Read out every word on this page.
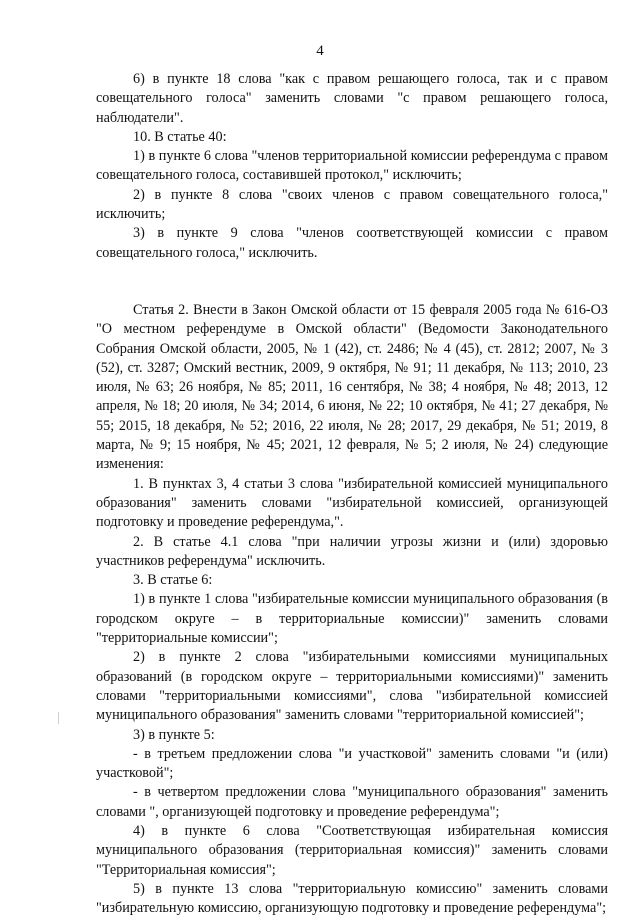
4

6) в пункте 18 слова "как с правом решающего голоса, так и с правом совещательного голоса" заменить словами "с правом решающего голоса, наблюдатели".

10. В статье 40:

1) в пункте 6 слова "членов территориальной комиссии референдума с правом совещательного голоса, составившей протокол," исключить;

2) в пункте 8 слова "своих членов с правом совещательного голоса," исключить;

3) в пункте 9 слова "членов соответствующей комиссии с правом совещательного голоса," исключить.

Статья 2. Внести в Закон Омской области от 15 февраля 2005 года № 616-ОЗ "О местном референдуме в Омской области" (Ведомости Законодательного Собрания Омской области, 2005, № 1 (42), ст. 2486; № 4 (45), ст. 2812; 2007, № 3 (52), ст. 3287; Омский вестник, 2009, 9 октября, № 91; 11 декабря, № 113; 2010, 23 июля, № 63; 26 ноября, № 85; 2011, 16 сентября, № 38; 4 ноября, № 48; 2013, 12 апреля, № 18; 20 июля, № 34; 2014, 6 июня, № 22; 10 октября, № 41; 27 декабря, № 55; 2015, 18 декабря, № 52; 2016, 22 июля, № 28; 2017, 29 декабря, № 51; 2019, 8 марта, № 9; 15 ноября, № 45; 2021, 12 февраля, № 5; 2 июля, № 24) следующие изменения:

1. В пунктах 3, 4 статьи 3 слова "избирательной комиссией муниципального образования" заменить словами "избирательной комиссией, организующей подготовку и проведение референдума,".

2. В статье 4.1 слова "при наличии угрозы жизни и (или) здоровью участников референдума" исключить.

3. В статье 6:

1) в пункте 1 слова "избирательные комиссии муниципального образования (в городском округе – в территориальные комиссии)" заменить словами "территориальные комиссии";

2) в пункте 2 слова "избирательными комиссиями муниципальных образований (в городском округе – территориальными комиссиями)" заменить словами "территориальными комиссиями", слова "избирательной комиссией муниципального образования" заменить словами "территориальной комиссией";

3) в пункте 5:

- в третьем предложении слова "и участковой" заменить словами "и (или) участковой";

- в четвертом предложении слова "муниципального образования" заменить словами ", организующей подготовку и проведение референдума";

4) в пункте 6 слова "Соответствующая избирательная комиссия муниципального образования (территориальная комиссия)" заменить словами "Территориальная комиссия";

5) в пункте 13 слова "территориальную комиссию" заменить словами "избирательную комиссию, организующую подготовку и проведение референдума";
